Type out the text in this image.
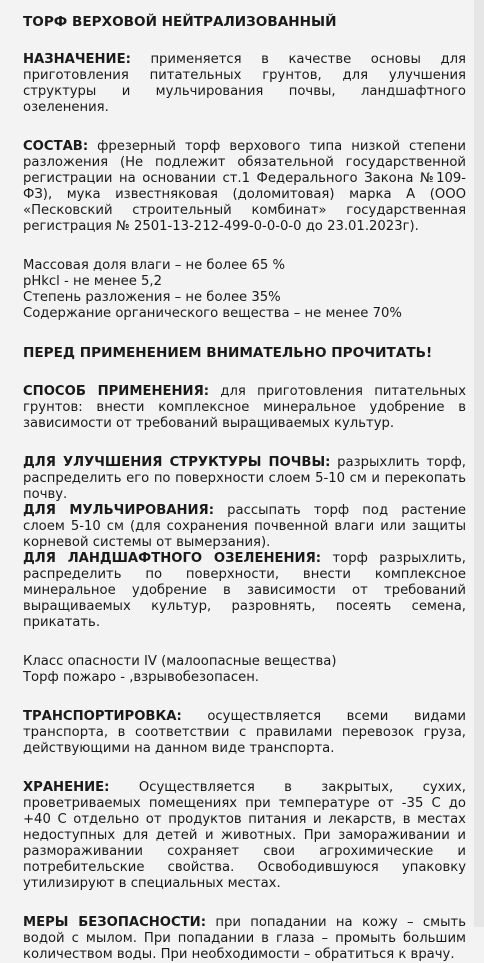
ТОРФ ВЕРХОВОЙ НЕЙТРАЛИЗОВАННЫЙ

НАЗНАЧЕНИЕ: применяется в качестве основы для приготовления питательных грунтов, для улучшения структуры и мульчирования почвы, ландшафтного озеленения.

СОСТАВ: фрезерный торф верхового типа низкой степени разложения (Не подлежит обязательной государственной регистрации на основании ст.1 Федерального Закона №109-ФЗ), мука известняковая (доломитовая) марка А (ООО «Песковский строительный комбинат» государственная регистрация № 2501-13-212-499-0-0-0-0 до 23.01.2023г).

Массовая доля влаги – не более 65 %

pHkcl - не менее 5,2

Степень разложения – не более 35%

Содержание органического вещества – не менее 70%

ПЕРЕД ПРИМЕНЕНИЕМ ВНИМАТЕЛЬНО ПРОЧИТАТЬ!

СПОСОБ ПРИМЕНЕНИЯ: для приготовления питательных грунтов: внести комплексное минеральное удобрение в зависимости от требований выращиваемых культур.

ДЛЯ УЛУЧШЕНИЯ СТРУКТУРЫ ПОЧВЫ: разрыхлить торф, распределить его по поверхности слоем 5-10 см и перекопать почву.

ДЛЯ МУЛЬЧИРОВАНИЯ: рассыпать торф под растение слоем 5-10 см (для сохранения почвенной влаги или защиты корневой системы от вымерзания).

ДЛЯ ЛАНДШАФТНОГО ОЗЕЛЕНЕНИЯ: торф разрыхлить, распределить по поверхности, внести комплексное минеральное удобрение в зависимости от требований выращиваемых культур, разровнять, посеять семена, прикатать.

Класс опасности IV (малоопасные вещества)

Торф пожаро - ,взрывобезопасен.

ТРАНСПОРТИРОВКА: осуществляется всеми видами транспорта, в соответствии с правилами перевозок груза, действующими на данном виде транспорта.

ХРАНЕНИЕ: Осуществляется в закрытых, сухих, проветриваемых помещениях при температуре от -35 С до +40 С отдельно от продуктов питания и лекарств, в местах недоступных для детей и животных. При замораживании и размораживании сохраняет свои агрохимические и потребительские свойства. Освободившуюся упаковку утилизируют в специальных местах.

МЕРЫ БЕЗОПАСНОСТИ: при попадании на кожу – смыть водой с мылом. При попадании в глаза – промыть большим количеством воды. При необходимости – обратиться к врачу.
